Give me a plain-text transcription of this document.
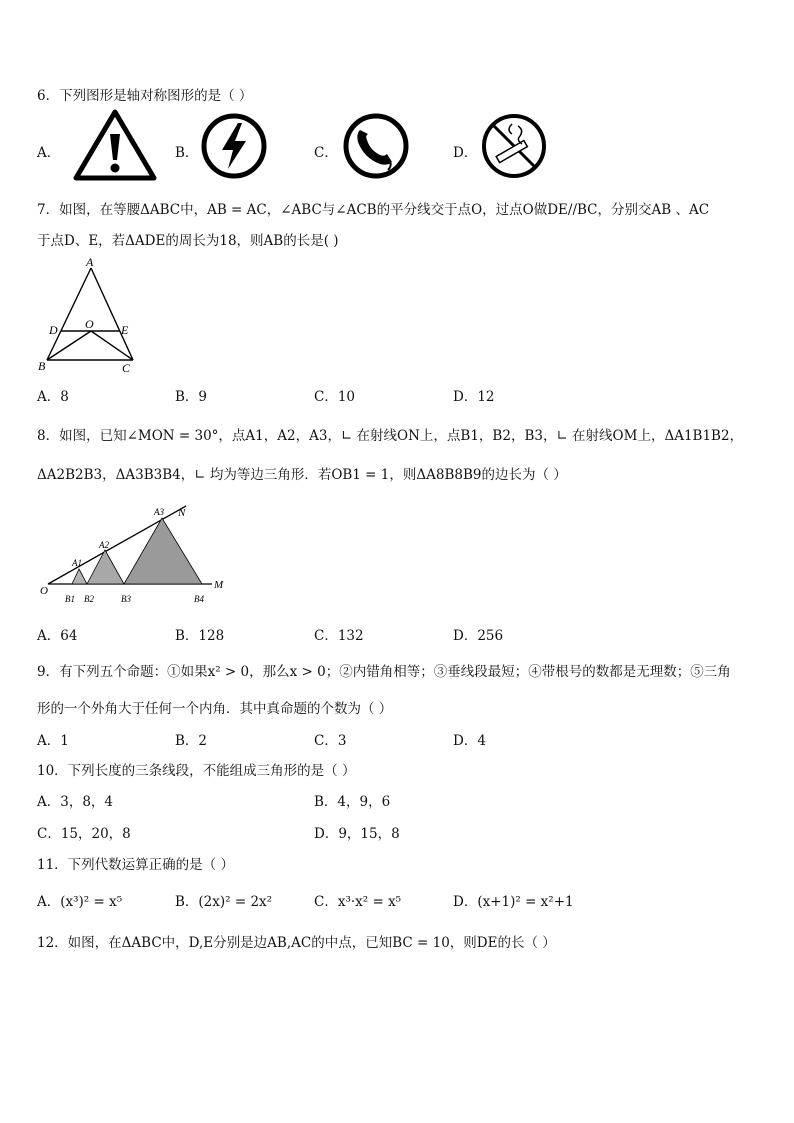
6．下列图形是轴对称图形的是（ ）
A．	B．	C．	D．
7．如图，在等腰ΔABC中，AB = AC，∠ABC与∠ACB的平分线交于点O，过点O做DE//BC，分别交AB 、AC
于点D、E，若ΔADE的周长为18，则AB的长是( )
A
D O E
B	C
A．8	B．9	C．10	D．12
8．如图，已知∠MON = 30°，点A1，A2，A3，∟ 在射线ON上，点B1，B2，B3，∟ 在射线OM上，ΔA1B1B2，
ΔA2B2B3，ΔA3B3B4，∟ 均为等边三角形．若OB1 = 1，则ΔA8B8B9的边长为（ ）
O	M
N
A1
A2
A3
B1 B2	B3	B4
A．64	B．128	C．132	D．256
9．有下列五个命题：①如果x² > 0，那么x > 0；②内错角相等；③垂线段最短；④带根号的数都是无理数；⑤三角
形的一个外角大于任何一个内角．其中真命题的个数为（ ）
A．1	B．2	C．3	D．4
10．下列长度的三条线段，不能组成三角形的是（ ）
A．3，8，4	B．4，9，6
C．15，20，8	D．9，15，8
11．下列代数运算正确的是（ ）
A．(x³)² = x⁵	B．(2x)² = 2x²	C．x³·x² = x⁵	D．(x+1)² = x²+1
12．如图，在ΔABC中，D,E分别是边AB,AC的中点，已知BC = 10，则DE的长（ ）
